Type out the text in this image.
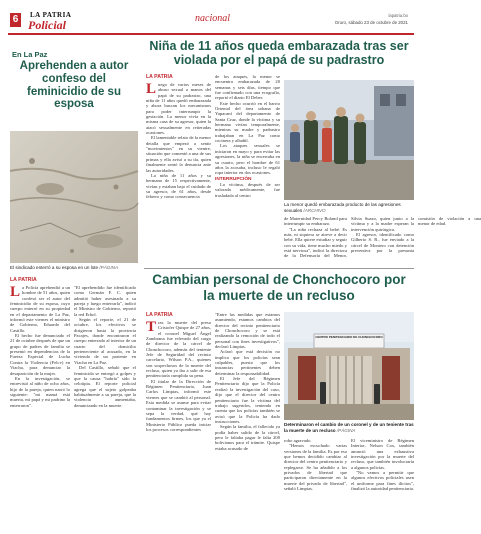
6	LA PATRIA
Policial	nacional	lapatria.bo
Oruro, sábado 23 de octubre de 2021
En La Paz
Aprehenden a autor confeso del feminicidio de su esposa
El sindicado enterró a su esposa en un lote /PÁGINA
LA PATRIA

La Policía aprehendió a un hombre de 51 años, quien confesó ser el autor del feminicidio de su esposa, cuyo cuerpo enterró en su propiedad en el departamento de La Paz, informó este viernes el ministro de Gobierno, Eduardo del Castillo.

El hecho fue denunciado el 21 de octubre después de que un grupo de padres de familia se presentó en dependencias de la Fuerza Especial de Lucha Contra la Violencia (Felcv) en Viacha, para denunciar la desaparición de la mujer.

En la investigación, se entrevistó al niño de ocho años, hijo de la pareja, quien narró lo siguiente: "mi mamá está muerta, mi papá y mi padrino la enterraron".

"El aprehendido fue identificado como Germán F. C. quien admitió haber asesinado a su pareja y luego enterrarla", indicó el Ministro de Gobierno, reportó la red Erbol.

Según el reporte, el 21 de octubre, los efectivos se dirigieron hasta la provincia Pacajes, donde encontraron el cuerpo enterrado al interior de un cuarto del domicilio perteneciente al acusado, en la vivienda de un pariente en Viacha en La Paz.

Del Castillo, señaló que el feminicida se entregó a golpes y que la causa "habría" sido la celotipia. El reporte policial agrega que el sujeto golpeaba habitualmente a su pareja, que la violencia aumentaba, denunciando en la muerte.

Niña de 11 años queda embarazada tras ser violada por el papá de su padrastro
LA PATRIA

Luego de varios meses de abuso sexual a manos del papá de su padrastro, una niña de 11 años quedó embarazada y ahora buscan los mecanismos para poder interrumpir la gestación. La menor vivía en la misma casa de su agresor, quien la atacó sexualmente en reiteradas ocasiones.

El lamentable relato de la menor detalla que empezó a sentir "movimientos" en su vientre, situación que comentó a una de sus primas y ella avisó a su tía, quien finalmente sentó la denuncia ante las autoridades.

La niña de 11 años y su hermana de 15 respectivamente, vivían y estaban bajo el cuidado de su agresor, de 61 años, desde febrero y como consecuencia

de los ataques, la menor se encuentra embarazada de 20 semanas y seis días, tiempo que fue confirmado con una ecografía, reportó el diario El Deber.

Este hecho ocurrió en el barrio Oriental del área urbana de Yapacaní del departamento de Santa Cruz, donde la víctima y su hermana vivían temporalmente, mientras su madre y padrastro trabajaban en La Paz como cocinera y albañil.

Los ataques sexuales se iniciaron en mayo y para evitar las agresiones, la niña se encerraba en su cuarto, pero el hombre de 61 años la acosaba, incluso le regaló ropa interior en dos ocasiones.

INTERRUPCIÓN

La víctima, después de ser valorada médicamente, fue trasladada al centro

La menor quedó embarazada producto de las agresiones sexuales /ARCHIVO

de Maternidad Percy Boland para interrumpir su embarazo.

"La niña rechaza al bebé. Es más, ni siquiera se atreve a decir bebé. Ella quiere estudiar y seguir con su vida, tiene mucho miedo y está nerviosa", indicó la directora de la Defensoría del Menor, Silvia Suazo, quien junto a la víctima y a la madre esperan la intervención quirúrgica.

El agresor, identificado como Gilberto S. R., fue enviado a la cárcel de Montero con detención preventiva por la presunta comisión de violación a una menor de edad.

Cambian personal de Chonchocoro por la muerte de un recluso
LA PATRIA

Tras la muerte del preso Cristofer Quispe de 27 años, el coronel Miguel Ángel Zambrana fue relevado del cargo de director de la cárcel de Chonchocoro, además del teniente Jefe de Seguridad del recinto carcelario, Wilson P.A., quienes son sospechosos de la muerte del recluso, quien ya iba a salir de esa penitenciaría cumplida su pena.

El titular de la Dirección de Régimen Penitenciario, Juan Carlos Limpias, informó este viernes que se cambió al personal. Esta medida se asume para evitar contaminar la investigación y se sepa la verdad, qué hay fundamentos firmes, los que ya el Ministerio Público pueda iniciar los procesos correspondientes

"Entre las medidas que estamos asumiendo, estamos cambios del director del recinto penitenciario de Chonchocoro y se está realizando la remoción de todo el personal con fines investigativos", declaró Limpias.

Aclaró que está decisión no implica que los policías sean culpables, puesto que los instancias pertinentes deben determinar la responsabilidad.

El Jefe del Régimen Penitenciario dijo que la Policía realizó la investigación del caso, dijo que el director del centro penitenciario fue la víctima del trabajo sugeridos, teniendo en cuenta que los policías también se avisó que la Policía ha dado instrucciones.

Según la familia, el fallecido ya podía haber salido de la cárcel, pero le faltaba pagar le falta 200 bolivianos para el trámite. Quispe estaba acusado de

CENTRO PENITENCIARIO DE CHONCHOCORO
Determinaron el cambio de un coronel y de un teniente tras la muerte de un recluso /PÁGINA

robo agravado.

"Hemos escuchado varias versiones de la familia. Es por eso que hemos decidido cambiar al director del centro penitenciario y replegarse. Se ha añadido a los privados de libertad que participaron directamente en la muerte del privado de libertad", señaló Limpias.

El viceministro de Régimen Interior, Nelson Cox, también anunció una exhaustiva investigación por la muerte del recluso, que también involucraría a algunos policías.

"No vamos a permitir que algunos efectivos policiales usen el uniforme para fines ilícitos", finalizó la autoridad penitenciaria.
